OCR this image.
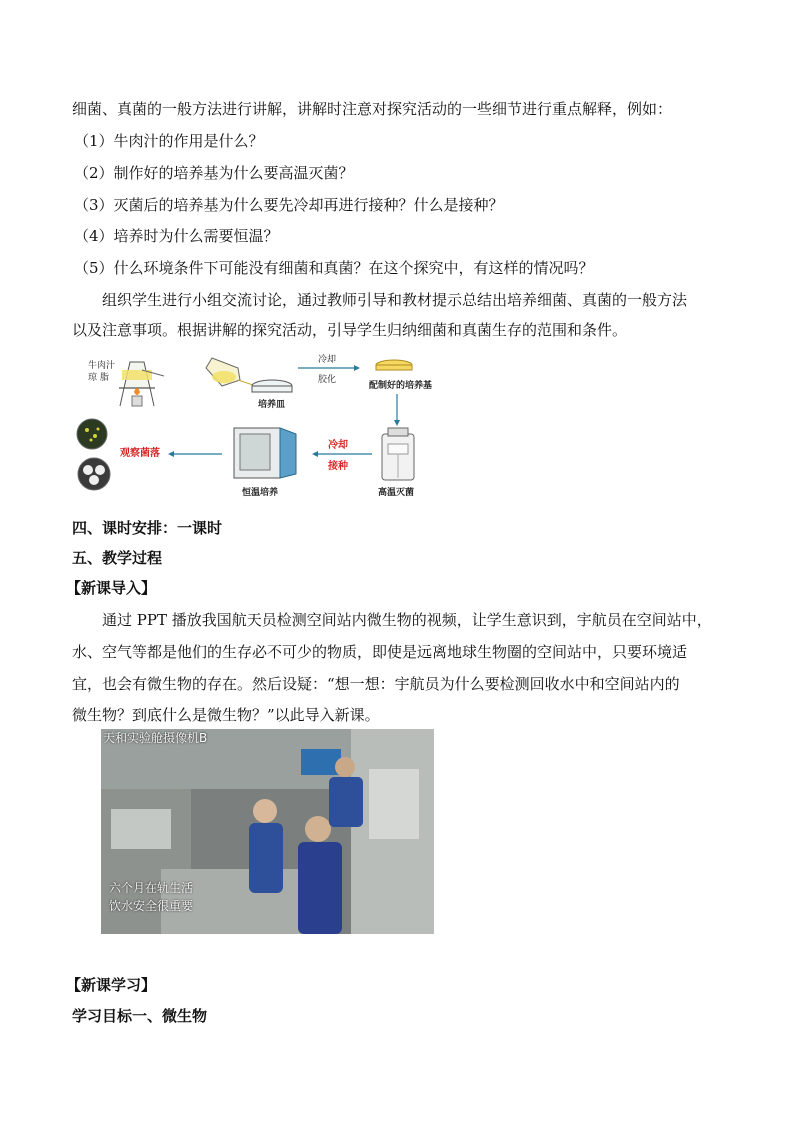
细菌、真菌的一般方法进行讲解，讲解时注意对探究活动的一些细节进行重点解释，例如：
（1）牛肉汁的作用是什么？
（2）制作好的培养基为什么要高温灭菌？
（3）灭菌后的培养基为什么要先冷却再进行接种？什么是接种？
（4）培养时为什么需要恒温？
（5）什么环境条件下可能没有细菌和真菌？在这个探究中，有这样的情况吗？
组织学生进行小组交流讨论，通过教师引导和教材提示总结出培养细菌、真菌的一般方法
以及注意事项。根据讲解的探究活动，引导学生归纳细菌和真菌生存的范围和条件。
牛肉汁
琼 脂
培养皿
冷却
胶化
配制好的培养基
高温灭菌
冷却
接种
恒温培养
观察菌落
四、课时安排：一课时
五、教学过程
【新课导入】
通过 PPT 播放我国航天员检测空间站内微生物的视频，让学生意识到，宇航员在空间站中，
水、空气等都是他们的生存必不可少的物质，即使是远离地球生物圈的空间站中，只要环境适
宜，也会有微生物的存在。然后设疑：“想一想：宇航员为什么要检测回收水中和空间站内的
微生物？到底什么是微生物？”以此导入新课。
天和实验舱摄像机B
六个月在轨生活
饮水安全很重要
【新课学习】
学习目标一、微生物
